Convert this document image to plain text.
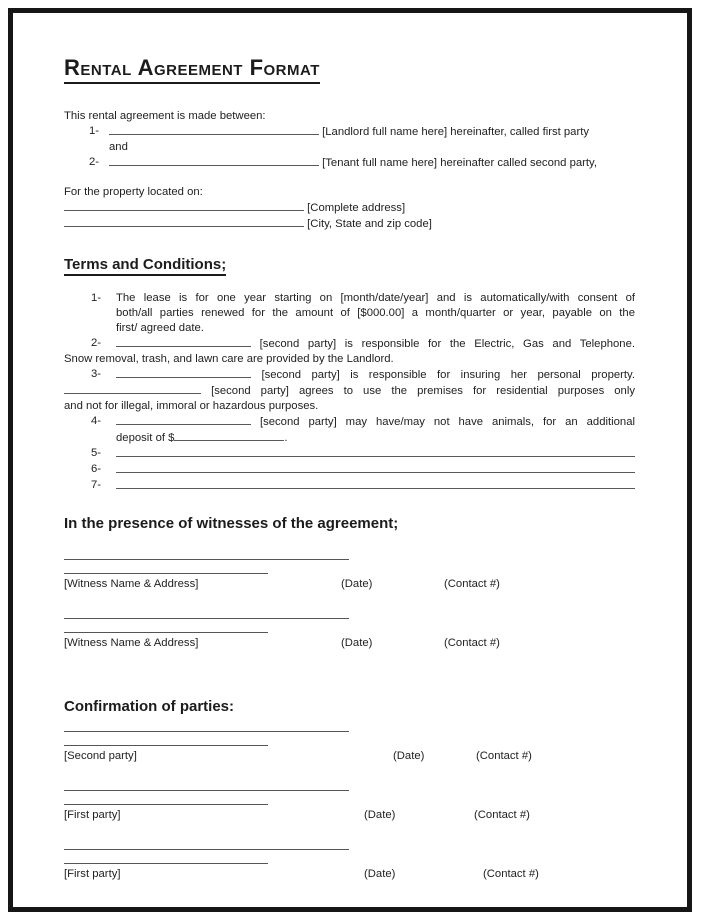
Rental Agreement Format
This rental agreement is made between:
1-	[Landlord full name here] hereinafter, called first party
and
2-	[Tenant full name here] hereinafter called second party,
For the property located on:
[Complete address]
[City, State and zip code]
Terms and Conditions;
1- The lease is for one year starting on [month/date/year] and is automatically/with consent of
both/all parties renewed for the amount of [$000.00] a month/quarter or year, payable on the
first/ agreed date.
2-	[second party] is responsible for the Electric, Gas and Telephone.
Snow removal, trash, and lawn care are provided by the Landlord.
3-	[second party] is responsible for insuring her personal property.
[second party] agrees to use the premises for residential purposes only
and not for illegal, immoral or hazardous purposes.
4-	[second party] may have/may not have animals, for an additional
deposit of $	.
5-
6-
7-
In the presence of witnesses of the agreement;
[Witness Name & Address]	(Date)	(Contact #)
[Witness Name & Address]	(Date)	(Contact #)
Confirmation of parties:
[Second party]	(Date)	(Contact #)
[First party]	(Date)	(Contact #)
[First party]	(Date)	(Contact #)
